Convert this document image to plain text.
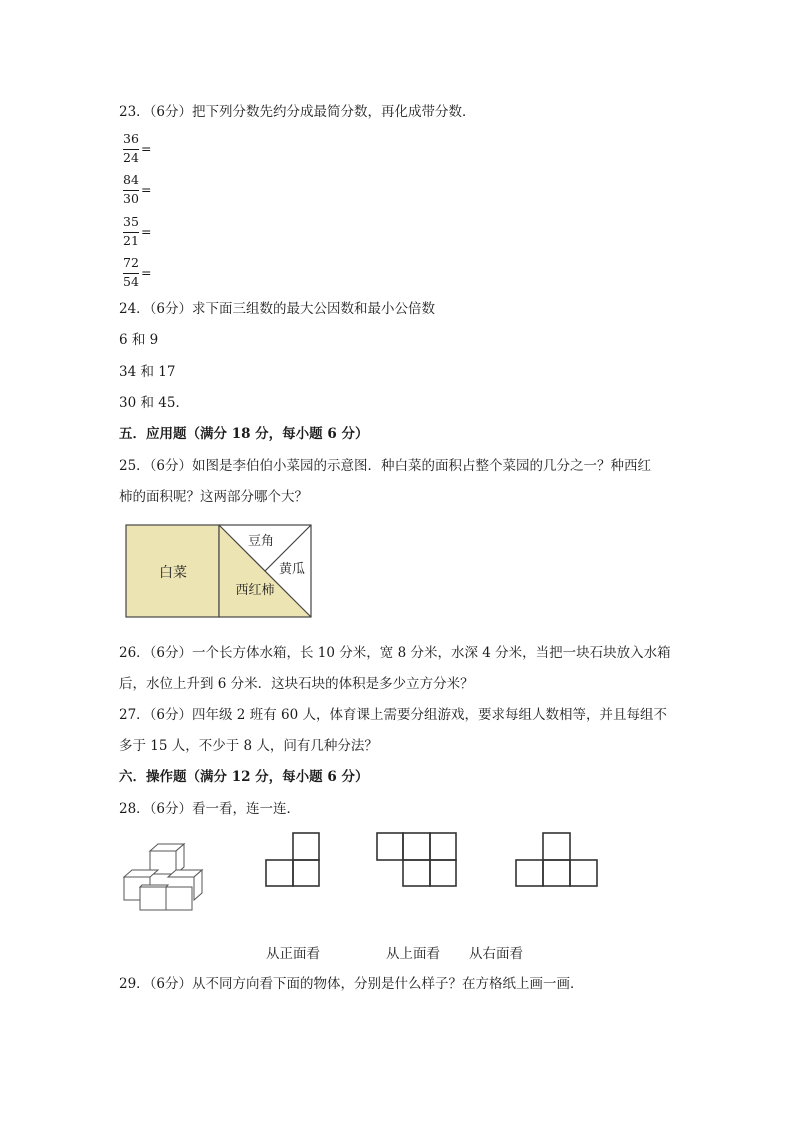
23．（6分）把下列分数先约分成最简分数，再化成带分数．
36
24
=
84
30
=
35
21
=
72
54
=
24．（6分）求下面三组数的最大公因数和最小公倍数
6 和 9
34 和 17
30 和 45．
五．应用题（满分 18 分，每小题 6 分）
25．（6分）如图是李伯伯小菜园的示意图．种白菜的面积占整个菜园的几分之一？种西红
柿的面积呢？这两部分哪个大？
白菜
豆角
黄瓜
西红柿
26．（6分）一个长方体水箱，长 10 分米，宽 8 分米，水深 4 分米，当把一块石块放入水箱
后，水位上升到 6 分米．这块石块的体积是多少立方分米？
27．（6分）四年级 2 班有 60 人，体育课上需要分组游戏，要求每组人数相等，并且每组不
多于 15 人，不少于 8 人，问有几种分法？
六．操作题（满分 12 分，每小题 6 分）
28．（6分）看一看，连一连．
从正面看	从上面看 从右面看
29．（6分）从不同方向看下面的物体，分别是什么样子？在方格纸上画一画．
